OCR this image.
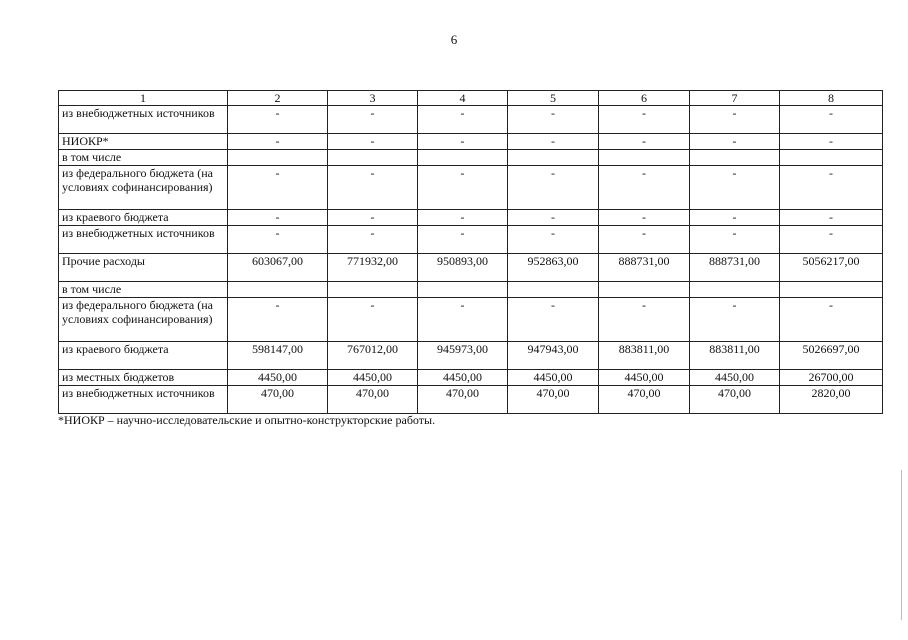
6
1	2	3	4	5	6	7	8
из внебюджетных источников	-	-	-	-	-	-	-
НИОКР*	-	-	-	-	-	-	-
в том числе							
из федерального бюджета (на условиях софинансирования)	-	-	-	-	-	-	-
из краевого бюджета	-	-	-	-	-	-	-
из внебюджетных источников	-	-	-	-	-	-	-
Прочие расходы	603067,00	771932,00	950893,00	952863,00	888731,00	888731,00	5056217,00
в том числе							
из федерального бюджета (на условиях софинансирования)	-	-	-	-	-	-	-
из краевого бюджета	598147,00	767012,00	945973,00	947943,00	883811,00	883811,00	5026697,00
из местных бюджетов	4450,00	4450,00	4450,00	4450,00	4450,00	4450,00	26700,00
из внебюджетных источников	470,00	470,00	470,00	470,00	470,00	470,00	2820,00
*НИОКР – научно-исследовательские и опытно-конструкторские работы.
